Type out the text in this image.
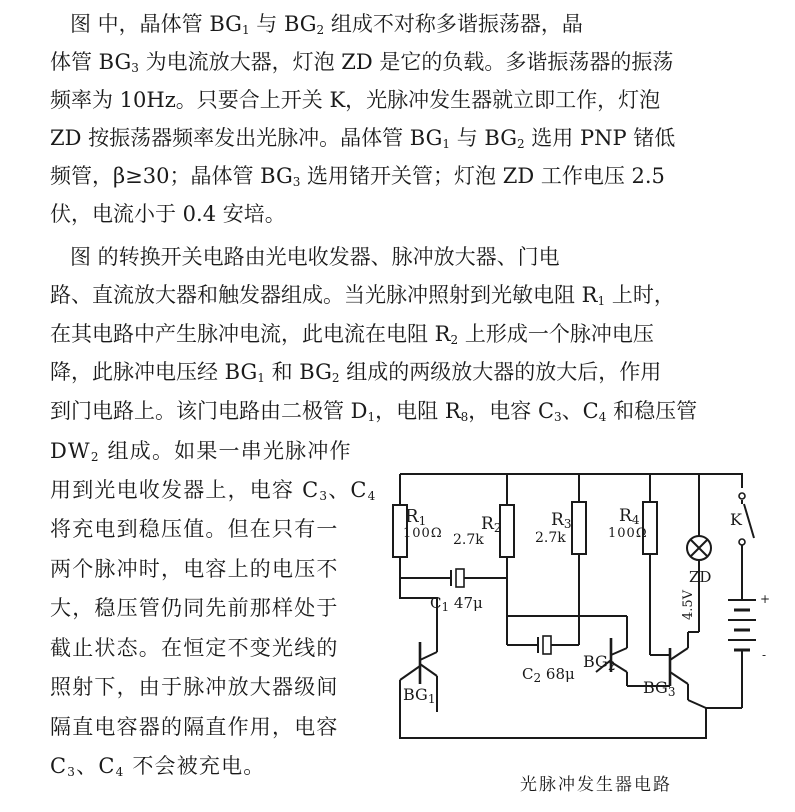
图 中，晶体管 $BG_1$ 与 $BG_2$ 组成不对称多谐振荡器，晶
体管 $BG_3$ 为电流放大器，灯泡 ZD 是它的负载。多谐振荡器的振荡
频率为 10Hz。只要合上开关 K，光脉冲发生器就立即工作，灯泡
ZD 按振荡器频率发出光脉冲。晶体管 $BG_1$ 与 $BG_2$ 选用 PNP 锗低
频管，β≥30；晶体管 $BG_3$ 选用锗开关管；灯泡 ZD 工作电压 2.5
伏，电流小于 0.4 安培。
图 的转换开关电路由光电收发器、脉冲放大器、门电
路、直流放大器和触发器组成。当光脉冲照射到光敏电阻 $R_1$ 上时，
在其电路中产生脉冲电流，此电流在电阻 $R_2$ 上形成一个脉冲电压
降，此脉冲电压经 $BG_1$ 和 $BG_2$ 组成的两级放大器的放大后，作用
到门电路上。该门电路由二极管 $D_1$，电阻 $R_8$，电容 $C_3$、$C_4$ 和稳压管
$DW_2$ 组成。如果一串光脉冲作
用到光电收发器上，电容 $C_3$、$C_4$
将充电到稳压值。但在只有一
两个脉冲时，电容上的电压不
大，稳压管仍同先前那样处于
截止状态。在恒定不变光线的
照射下，由于脉冲放大器级间
隔直电容器的隔直作用，电容
$C_3$、$C_4$ 不会被充电。
$R_1$
100Ω $R_2$
2.7k
$R_3$
2.7k
$R_4$
100Ω
$C_1$ 47μ
$C_2$ 68μ
$BG_1$
$BG_2$
$BG_3$
K
ZD
4.5V	+
-
光脉冲发生器电路
